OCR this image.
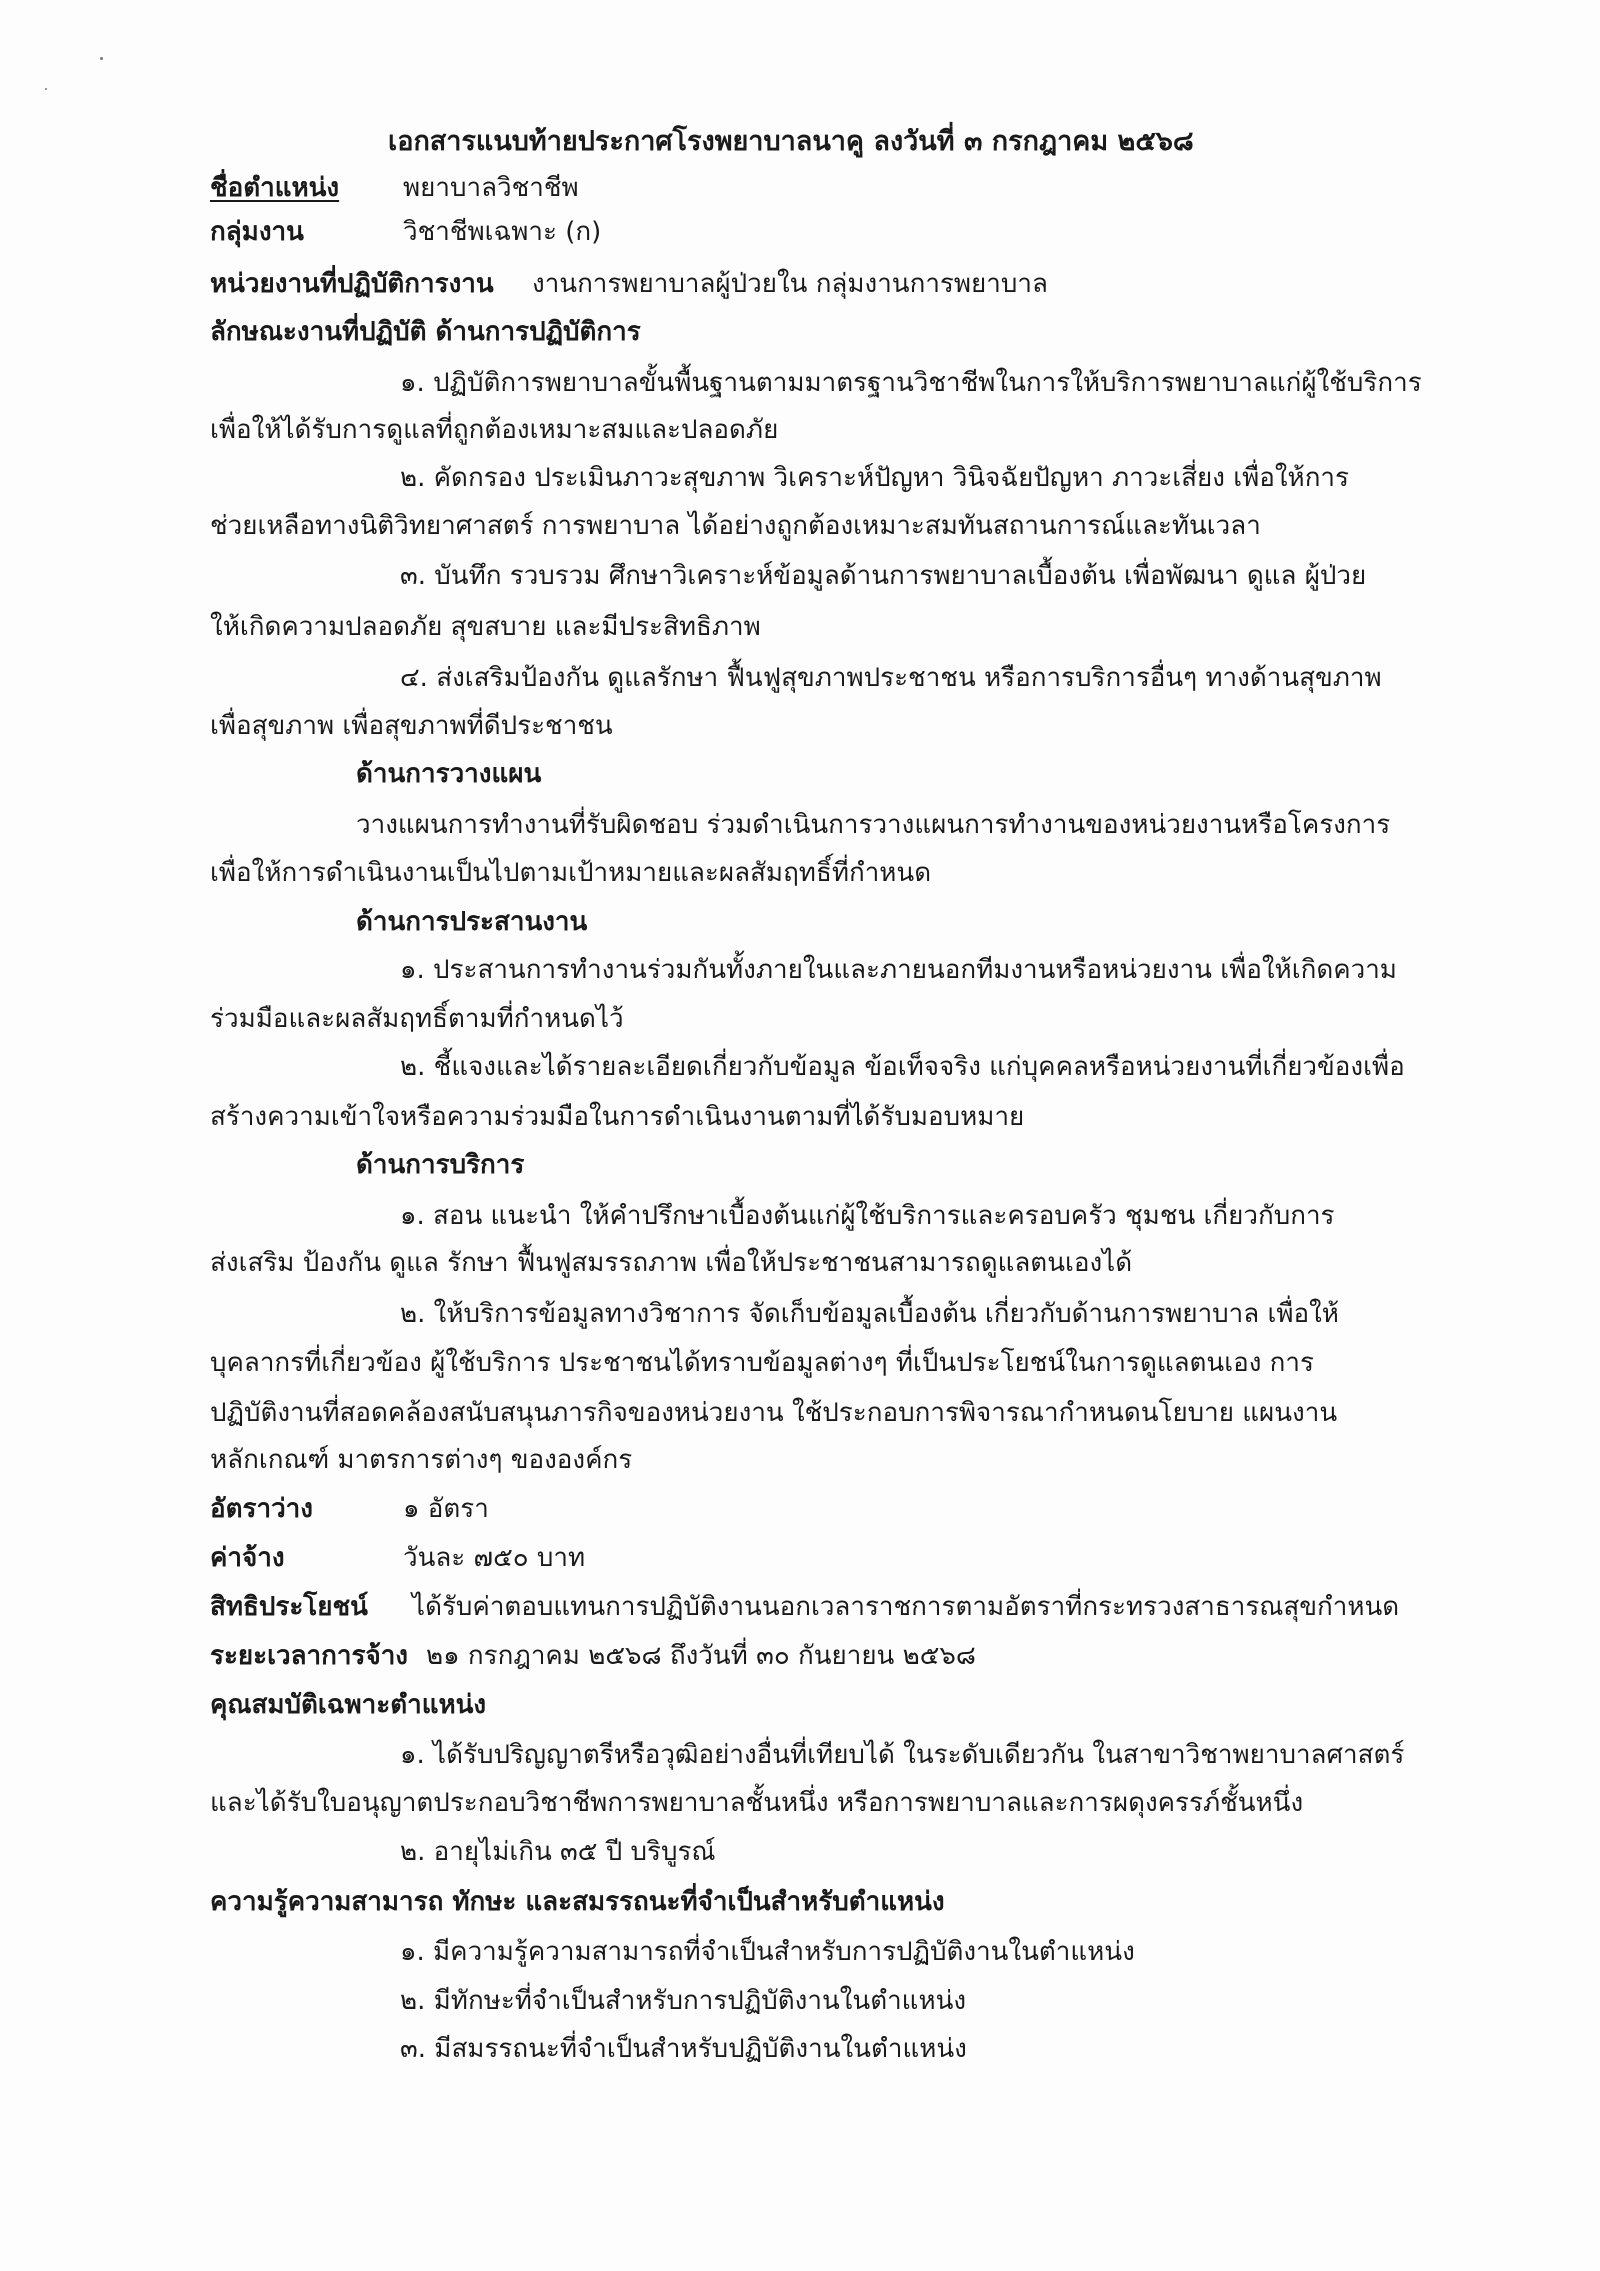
เอกสารแนบท้ายประกาศโรงพยาบาลนาคู ลงวันที่ ๓ กรกฎาคม ๒๕๖๘
ชื่อตำแหน่ง พยาบาลวิชาชีพ
กลุ่มงาน	วิชาชีพเฉพาะ (ก)
หน่วยงานที่ปฏิบัติการงาน งานการพยาบาลผู้ป่วยใน กลุ่มงานการพยาบาล
ลักษณะงานที่ปฏิบัติ ด้านการปฏิบัติการ
๑. ปฏิบัติการพยาบาลขั้นพื้นฐานตามมาตรฐานวิชาชีพในการให้บริการพยาบาลแก่ผู้ใช้บริการ
เพื่อให้ได้รับการดูแลที่ถูกต้องเหมาะสมและปลอดภัย
๒. คัดกรอง ประเมินภาวะสุขภาพ วิเคราะห์ปัญหา วินิจฉัยปัญหา ภาวะเสี่ยง เพื่อให้การ
ช่วยเหลือทางนิติวิทยาศาสตร์ การพยาบาล ได้อย่างถูกต้องเหมาะสมทันสถานการณ์และทันเวลา
๓. บันทึก รวบรวม ศึกษาวิเคราะห์ข้อมูลด้านการพยาบาลเบื้องต้น เพื่อพัฒนา ดูแล ผู้ป่วย
ให้เกิดความปลอดภัย สุขสบาย และมีประสิทธิภาพ
๔. ส่งเสริมป้องกัน ดูแลรักษา ฟื้นฟูสุขภาพประชาชน หรือการบริการอื่นๆ ทางด้านสุขภาพ
เพื่อสุขภาพ เพื่อสุขภาพที่ดีประชาชน
ด้านการวางแผน
วางแผนการทำงานที่รับผิดชอบ ร่วมดำเนินการวางแผนการทำงานของหน่วยงานหรือโครงการ
เพื่อให้การดำเนินงานเป็นไปตามเป้าหมายและผลสัมฤทธิ์ที่กำหนด
ด้านการประสานงาน
๑. ประสานการทำงานร่วมกันทั้งภายในและภายนอกทีมงานหรือหน่วยงาน เพื่อให้เกิดความ
ร่วมมือและผลสัมฤทธิ์ตามที่กำหนดไว้
๒. ชี้แจงและได้รายละเอียดเกี่ยวกับข้อมูล ข้อเท็จจริง แก่บุคคลหรือหน่วยงานที่เกี่ยวข้องเพื่อ
สร้างความเข้าใจหรือความร่วมมือในการดำเนินงานตามที่ได้รับมอบหมาย
ด้านการบริการ
๑. สอน แนะนำ ให้คำปรึกษาเบื้องต้นแก่ผู้ใช้บริการและครอบครัว ชุมชน เกี่ยวกับการ
ส่งเสริม ป้องกัน ดูแล รักษา ฟื้นฟูสมรรถภาพ เพื่อให้ประชาชนสามารถดูแลตนเองได้
๒. ให้บริการข้อมูลทางวิชาการ จัดเก็บข้อมูลเบื้องต้น เกี่ยวกับด้านการพยาบาล เพื่อให้
บุคลากรที่เกี่ยวข้อง ผู้ใช้บริการ ประชาชนได้ทราบข้อมูลต่างๆ ที่เป็นประโยชน์ในการดูแลตนเอง การ
ปฏิบัติงานที่สอดคล้องสนับสนุนภารกิจของหน่วยงาน ใช้ประกอบการพิจารณากำหนดนโยบาย แผนงาน
หลักเกณฑ์ มาตรการต่างๆ ขององค์กร
อัตราว่าง	๑ อัตรา
ค่าจ้าง	วันละ ๗๕๐ บาท
สิทธิประโยชน์ ได้รับค่าตอบแทนการปฏิบัติงานนอกเวลาราชการตามอัตราที่กระทรวงสาธารณสุขกำหนด
ระยะเวลาการจ้าง ๒๑ กรกฎาคม ๒๕๖๘ ถึงวันที่ ๓๐ กันยายน ๒๕๖๘
คุณสมบัติเฉพาะตำแหน่ง
๑. ได้รับปริญญาตรีหรือวุฒิอย่างอื่นที่เทียบได้ ในระดับเดียวกัน ในสาขาวิชาพยาบาลศาสตร์
และได้รับใบอนุญาตประกอบวิชาชีพการพยาบาลชั้นหนึ่ง หรือการพยาบาลและการผดุงครรภ์ชั้นหนึ่ง
๒. อายุไม่เกิน ๓๕ ปี บริบูรณ์
ความรู้ความสามารถ ทักษะ และสมรรถนะที่จำเป็นสำหรับตำแหน่ง
๑. มีความรู้ความสามารถที่จำเป็นสำหรับการปฏิบัติงานในตำแหน่ง
๒. มีทักษะที่จำเป็นสำหรับการปฏิบัติงานในตำแหน่ง
๓. มีสมรรถนะที่จำเป็นสำหรับปฏิบัติงานในตำแหน่ง
